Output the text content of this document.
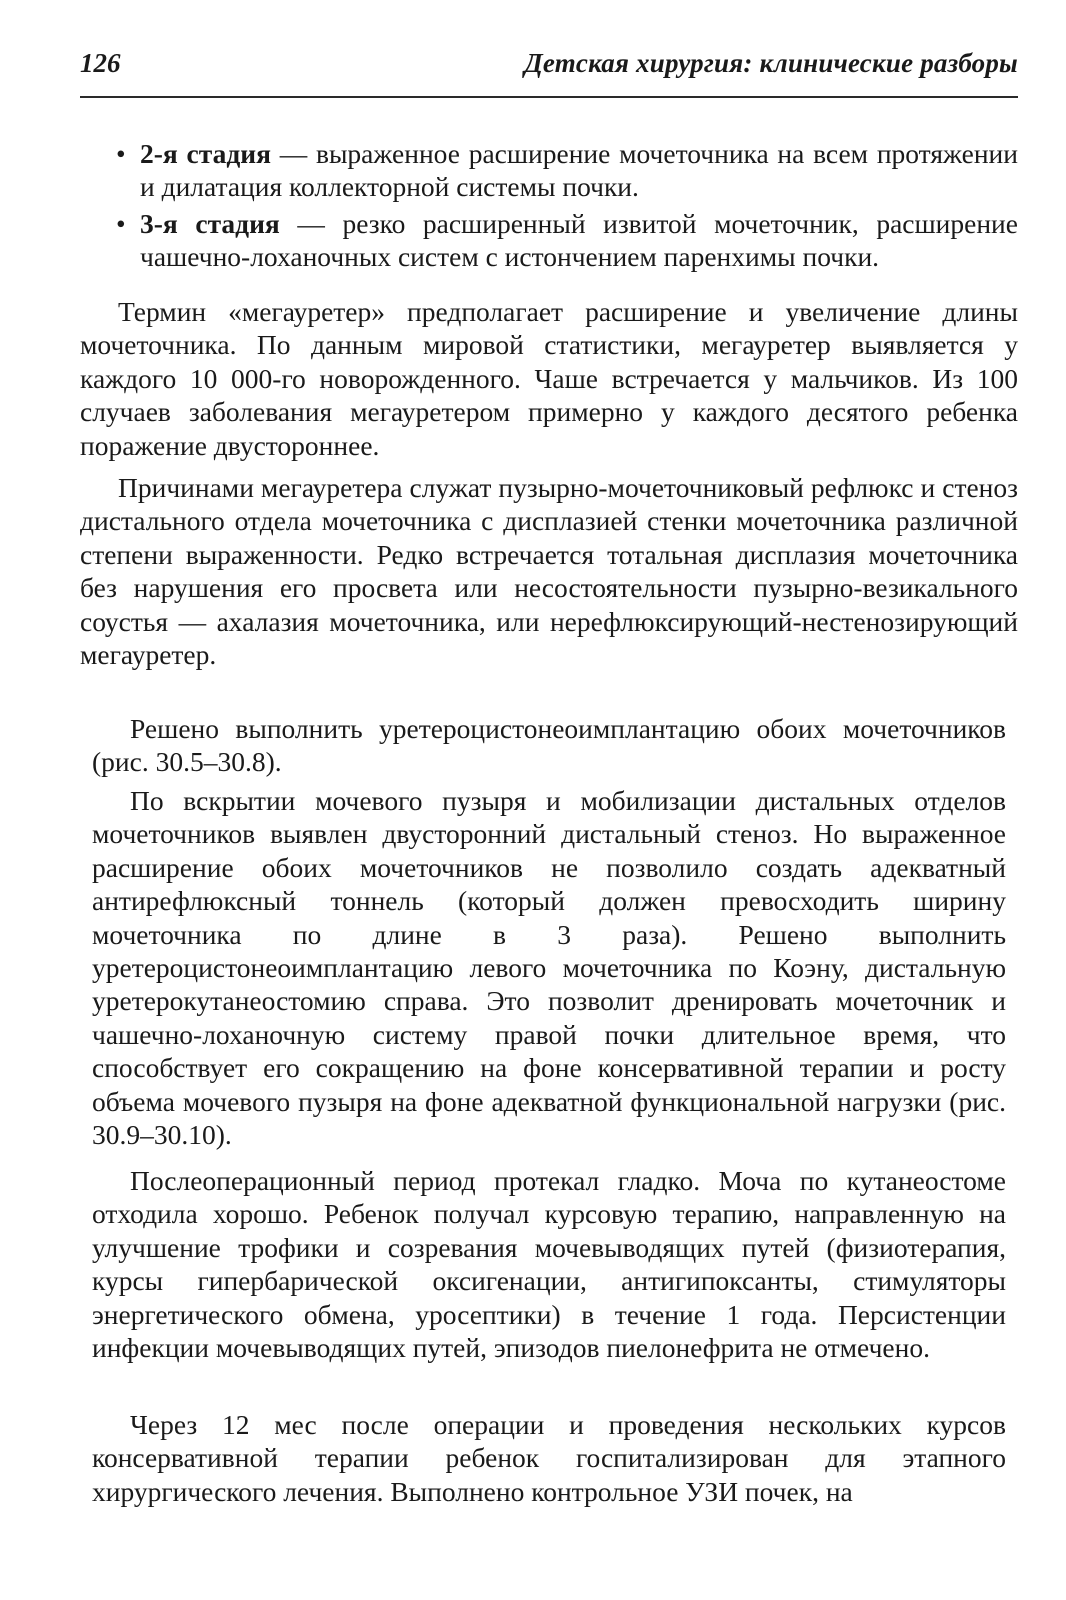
126	Детская хирургия: клинические разборы
• 2-я стадия — выраженное расширение мочеточника на всем протяжении и дилатация коллекторной системы почки.
• 3-я стадия — резко расширенный извитой мочеточник, расширение чашечно-лоханочных систем с истончением паренхимы почки.

Термин «мегауретер» предполагает расширение и увеличение длины мочеточника. По данным мировой статистики, мегауретер выявляется у каждого 10 000-го новорожденного. Чаше встречается у мальчиков. Из 100 случаев заболевания мегауретером примерно у каждого десятого ребенка поражение двустороннее.

Причинами мегауретера служат пузырно-мочеточниковый рефлюкс и стеноз дистального отдела мочеточника с дисплазией стенки мочеточника различной степени выраженности. Редко встречается тотальная дисплазия мочеточника без нарушения его просвета или несостоятельности пузырно-везикального соустья — ахалазия мочеточника, или нерефлюксирующий-нестенозирующий мегауретер.

Решено выполнить уретероцистонеоимплантацию обоих мочеточников (рис. 30.5–30.8).

По вскрытии мочевого пузыря и мобилизации дистальных отделов мочеточников выявлен двусторонний дистальный стеноз. Но выраженное расширение обоих мочеточников не позволило создать адекватный антирефлюксный тоннель (который должен превосходить ширину мочеточника по длине в 3 раза). Решено выполнить уретероцистонеоимплантацию левого мочеточника по Коэну, дистальную уретерокутанеостомию справа. Это позволит дренировать мочеточник и чашечно-лоханочную систему правой почки длительное время, что способствует его сокращению на фоне консервативной терапии и росту объема мочевого пузыря на фоне адекватной функциональной нагрузки (рис. 30.9–30.10).

Послеоперационный период протекал гладко. Моча по кутанеостоме отходила хорошо. Ребенок получал курсовую терапию, направленную на улучшение трофики и созревания мочевыводящих путей (физиотерапия, курсы гипербарической оксигенации, антигипоксанты, стимуляторы энергетического обмена, уросептики) в течение 1 года. Персистенции инфекции мочевыводящих путей, эпизодов пиелонефрита не отмечено.

Через 12 мес после операции и проведения нескольких курсов консервативной терапии ребенок госпитализирован для этапного хирургического лечения. Выполнено контрольное УЗИ почек, на
